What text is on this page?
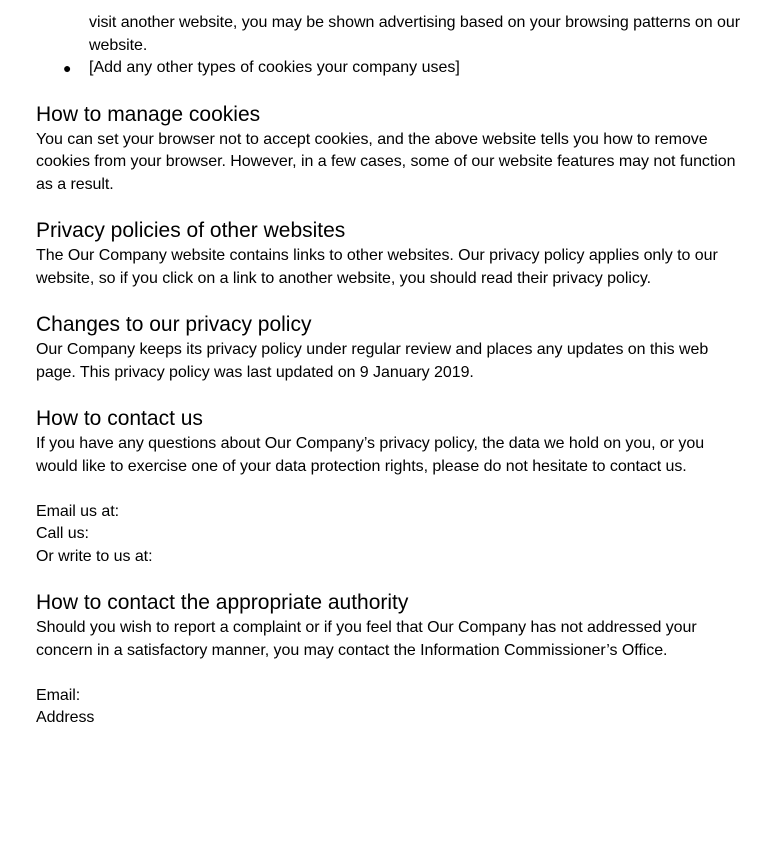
visit another website, you may be shown advertising based on your browsing patterns on our website.

●	[Add any other types of cookies your company uses]
How to manage cookies

You can set your browser not to accept cookies, and the above website tells you how to remove cookies from your browser. However, in a few cases, some of our website features may not function as a result.

Privacy policies of other websites

The Our Company website contains links to other websites. Our privacy policy applies only to our website, so if you click on a link to another website, you should read their privacy policy.

Changes to our privacy policy

Our Company keeps its privacy policy under regular review and places any updates on this web page. This privacy policy was last updated on 9 January 2019.

How to contact us

If you have any questions about Our Company’s privacy policy, the data we hold on you, or you would like to exercise one of your data protection rights, please do not hesitate to contact us.

Email us at:

Call us:

Or write to us at:

How to contact the appropriate authority

Should you wish to report a complaint or if you feel that Our Company has not addressed your concern in a satisfactory manner, you may contact the Information Commissioner’s Office.

Email:

Address
